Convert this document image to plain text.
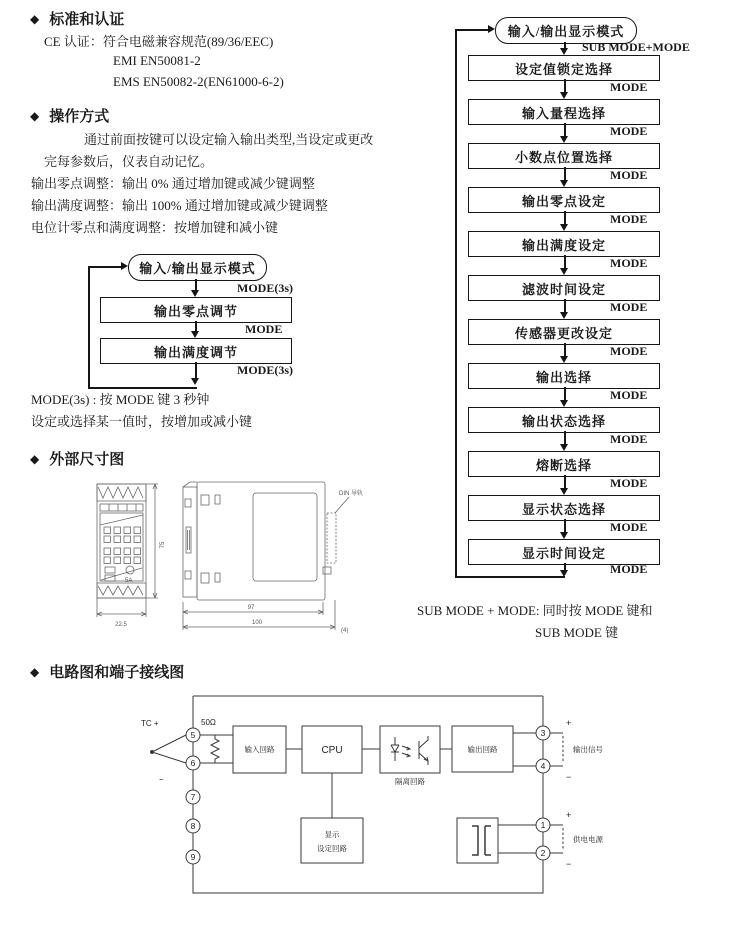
◆ 标准和认证
CE 认证：符合电磁兼容规范(89/36/EEC)
EMI EN50081-2
EMS EN50082-2(EN61000-6-2)
◆ 操作方式
通过前面按键可以设定输入输出类型,当设定或更改
完每参数后，仪表自动记忆。
输出零点调整：输出 0% 通过增加键或减少键调整
输出满度调整：输出 100% 通过增加键或减少键调整
电位计零点和满度调整：按增加键和减小键
输入/输出显示模式
MODE(3s)
输出零点调节
MODE
输出满度调节
MODE(3s)
MODE(3s) : 按 MODE 键 3 秒钟
设定或选择某一值时，按增加或减小键
◆ 外部尺寸图
75
22.5
DIN 导轨
97
100
(4)
5A
◆ 电路图和端子接线图
5
6
7
8
9
3
4
1
2
TC +
−
50Ω
输入回路	CPU
隔离回路
输出回路
显示
设定回路
+
−
输出信号
+
−
供电电源
输入/输出显示模式
SUB MODE+MODE
设定值锁定选择
MODE
输入量程选择
MODE
小数点位置选择
MODE
输出零点设定
MODE
输出满度设定
MODE
滤波时间设定
MODE
传感器更改设定
MODE
输出选择
MODE
输出状态选择
MODE
熔断选择
MODE
显示状态选择
MODE
显示时间设定
MODE
SUB MODE + MODE: 同时按 MODE 键和
SUB MODE 键
